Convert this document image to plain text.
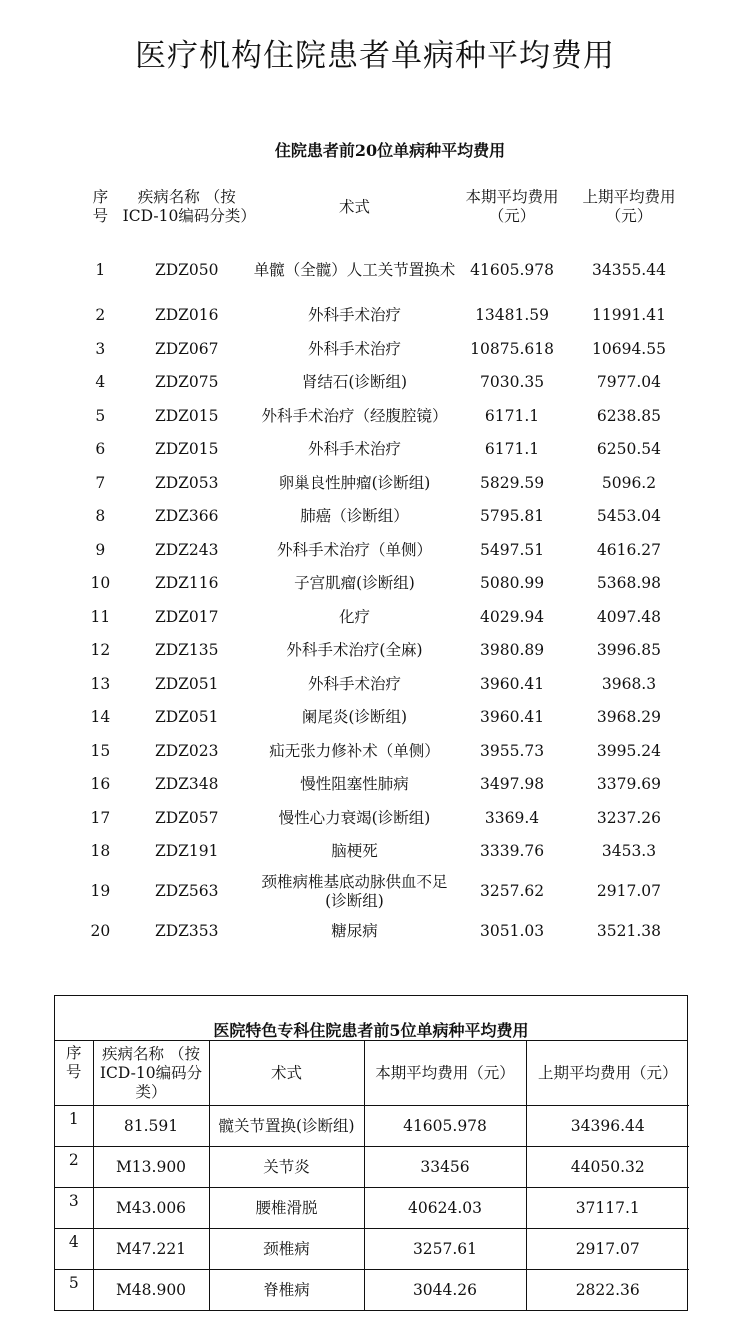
医疗机构住院患者单病种平均费用
住院患者前20位单病种平均费用
序号	疾病名称 （按ICD-10编码分类）	术式	本期平均费用（元）	上期平均费用（元）
1	ZDZ050	单髋（全髋）人工关节置换术	41605.978	34355.44
2	ZDZ016	外科手术治疗	13481.59	11991.41
3	ZDZ067	外科手术治疗	10875.618	10694.55
4	ZDZ075	肾结石(诊断组)	7030.35	7977.04
5	ZDZ015	外科手术治疗（经腹腔镜）	6171.1	6238.85
6	ZDZ015	外科手术治疗	6171.1	6250.54
7	ZDZ053	卵巢良性肿瘤(诊断组)	5829.59	5096.2
8	ZDZ366	肺癌（诊断组）	5795.81	5453.04
9	ZDZ243	外科手术治疗（单侧）	5497.51	4616.27
10	ZDZ116	子宫肌瘤(诊断组)	5080.99	5368.98
11	ZDZ017	化疗	4029.94	4097.48
12	ZDZ135	外科手术治疗(全麻)	3980.89	3996.85
13	ZDZ051	外科手术治疗	3960.41	3968.3
14	ZDZ051	阑尾炎(诊断组)	3960.41	3968.29
15	ZDZ023	疝无张力修补术（单侧）	3955.73	3995.24
16	ZDZ348	慢性阻塞性肺病	3497.98	3379.69
17	ZDZ057	慢性心力衰竭(诊断组)	3369.4	3237.26
18	ZDZ191	脑梗死	3339.76	3453.3
19	ZDZ563	颈椎病椎基底动脉供血不足(诊断组)	3257.62	2917.07
20	ZDZ353	糖尿病	3051.03	3521.38
医院特色专科住院患者前5位单病种平均费用
序号	疾病名称 （按ICD-10编码分类）	术式	本期平均费用（元）	上期平均费用（元）
1	81.591	髋关节置换(诊断组)	41605.978	34396.44
2	M13.900	关节炎	33456	44050.32
3	M43.006	腰椎滑脱	40624.03	37117.1
4	M47.221	颈椎病	3257.61	2917.07
5	M48.900	脊椎病	3044.26	2822.36
